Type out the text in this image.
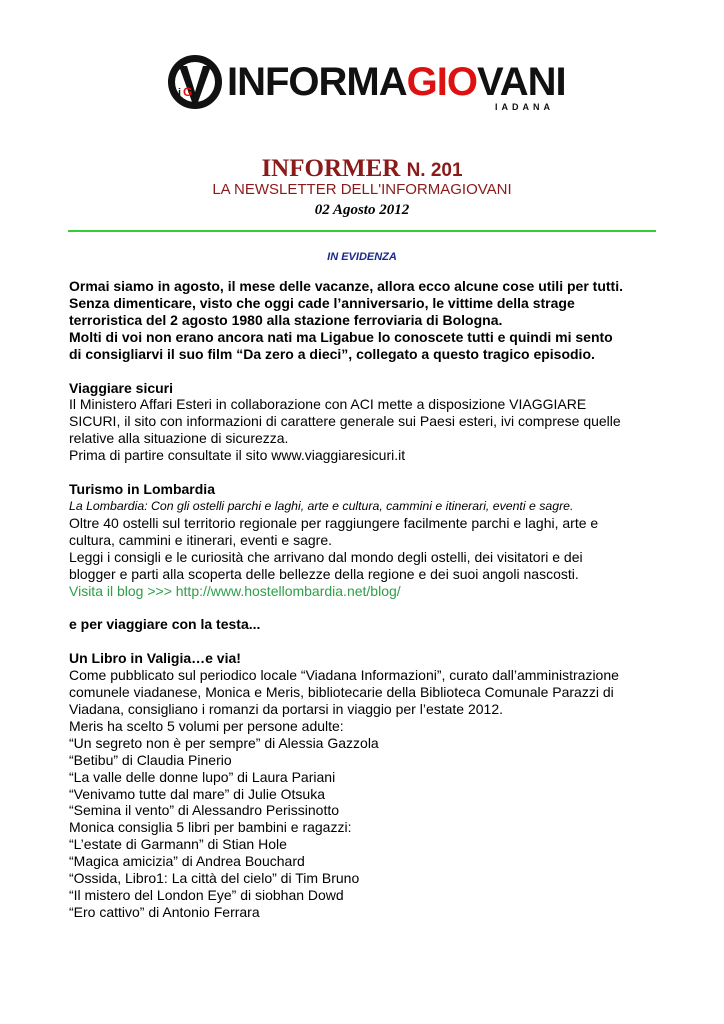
i G INFORMAGIOVANI
IADANA
INFORMER N. 201
LA NEWSLETTER DELL'INFORMAGIOVANI
02 Agosto 2012
IN EVIDENZA

Ormai siamo in agosto, il mese delle vacanze, allora ecco alcune cose utili per tutti.

Senza dimenticare, visto che oggi cade l’anniversario, le vittime della strage

terroristica del 2 agosto 1980 alla stazione ferroviaria di Bologna.

Molti di voi non erano ancora nati ma Ligabue lo conoscete tutti e quindi mi sento

di consigliarvi il suo film “Da zero a dieci”, collegato a questo tragico episodio.

Viaggiare sicuri

Il Ministero Affari Esteri in collaborazione con ACI mette a disposizione VIAGGIARE

SICURI, il sito con informazioni di carattere generale sui Paesi esteri, ivi comprese quelle

relative alla situazione di sicurezza.

Prima di partire consultate il sito www.viaggiaresicuri.it

Turismo in Lombardia

La Lombardia: Con gli ostelli parchi e laghi, arte e cultura, cammini e itinerari, eventi e sagre.

Oltre 40 ostelli sul territorio regionale per raggiungere facilmente parchi e laghi, arte e

cultura, cammini e itinerari, eventi e sagre.

Leggi i consigli e le curiosità che arrivano dal mondo degli ostelli, dei visitatori e dei

blogger e parti alla scoperta delle bellezze della regione e dei suoi angoli nascosti.

Visita il blog >>> http://www.hostellombardia.net/blog/

e per viaggiare con la testa...

Un Libro in Valigia…e via!

Come pubblicato sul periodico locale “Viadana Informazioni”, curato dall’amministrazione

comunele viadanese, Monica e Meris, bibliotecarie della Biblioteca Comunale Parazzi di

Viadana, consigliano i romanzi da portarsi in viaggio per l’estate 2012.

Meris ha scelto 5 volumi per persone adulte:

“Un segreto non è per sempre” di Alessia Gazzola

“Betibu” di Claudia Pinerio

“La valle delle donne lupo” di Laura Pariani

“Venivamo tutte dal mare” di Julie Otsuka

“Semina il vento” di Alessandro Perissinotto

Monica consiglia 5 libri per bambini e ragazzi:

“L’estate di Garmann” di Stian Hole

“Magica amicizia” di Andrea Bouchard

“Ossida, Libro1: La città del cielo” di Tim Bruno

“Il mistero del London Eye” di siobhan Dowd

“Ero cattivo” di Antonio Ferrara
